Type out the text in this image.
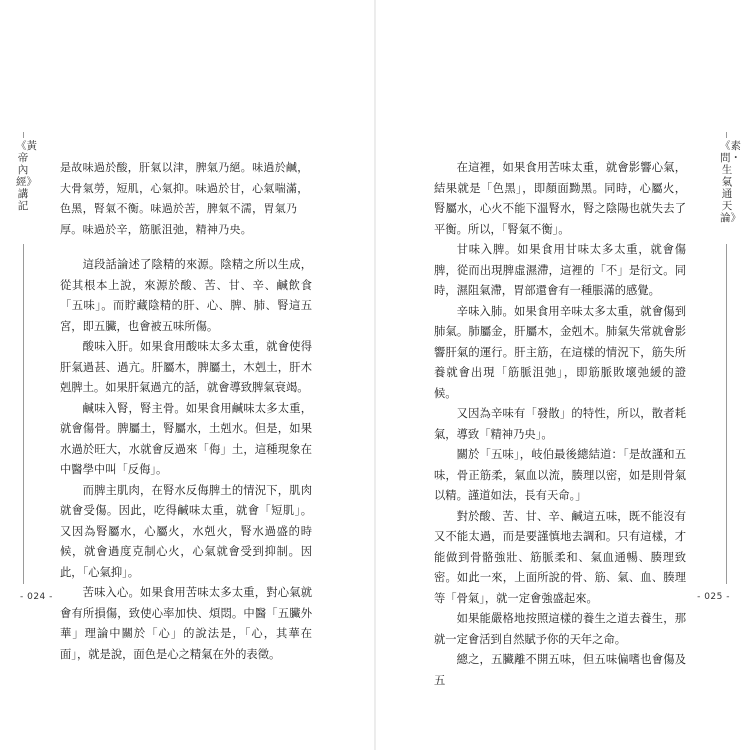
《黃帝內經》講記

是故味過於酸，肝氣以津，脾氣乃絕。味過於鹹，大骨氣勞，短肌，心氣抑。味過於甘，心氣喘滿，色黑，腎氣不衡。味過於苦，脾氣不濡，胃氣乃厚。味過於辛，筋脈沮弛，精神乃央。

這段話論述了陰精的來源。陰精之所以生成，從其根本上說，來源於酸、苦、甘、辛、鹹飲食「五味」。而貯藏陰精的肝、心、脾、肺、腎這五宮，即五臟，也會被五味所傷。

酸味入肝。如果食用酸味太多太重，就會使得肝氣過甚、過亢。肝屬木，脾屬土，木剋土，肝木剋脾土。如果肝氣過亢的話，就會導致脾氣衰竭。

鹹味入腎，腎主骨。如果食用鹹味太多太重，就會傷骨。脾屬土，腎屬水，土剋水。但是，如果水過於旺大，水就會反過來「侮」土，這種現象在中醫學中叫「反侮」。

而脾主肌肉，在腎水反侮脾土的情況下，肌肉就會受傷。因此，吃得鹹味太重，就會「短肌」。又因為腎屬水，心屬火，水剋火，腎水過盛的時候，就會過度克制心火，心氣就會受到抑制。因此，「心氣抑」。

苦味入心。如果食用苦味太多太重，對心氣就會有所損傷，致使心率加快、煩悶。中醫「五臟外華」理論中關於「心」的說法是，「心，其華在面」，就是說，面色是心之精氣在外的表徵。

- 024 -

在這裡，如果食用苦味太重，就會影響心氣，結果就是「色黑」，即顏面黝黑。同時，心屬火，腎屬水，心火不能下溫腎水，腎之陰陽也就失去了平衡。所以，「腎氣不衡」。

甘味入脾。如果食用甘味太多太重，就會傷脾，從而出現脾虛濕滯，這裡的「不」是衍文。同時，濕阻氣滯，胃部還會有一種脹滿的感覺。

辛味入肺。如果食用辛味太多太重，就會傷到肺氣。肺屬金，肝屬木，金剋木。肺氣失常就會影響肝氣的運行。肝主筋，在這樣的情況下，筋失所養就會出現「筋脈沮弛」，即筋脈敗壞弛緩的證候。

又因為辛味有「發散」的特性，所以，散者耗氣，導致「精神乃央」。

關於「五味」，岐伯最後總結道：「是故謹和五味，骨正筋柔，氣血以流，腠理以密，如是則骨氣以精。謹道如法，長有天命。」

對於酸、苦、甘、辛、鹹這五味，既不能沒有又不能太過，而是要謹慎地去調和。只有這樣，才能做到骨骼強壯、筋脈柔和、氣血通暢、腠理致密。如此一來，上面所說的骨、筋、氣、血、腠理等「骨氣」，就一定會強盛起來。

如果能嚴格地按照這樣的養生之道去養生，那就一定會活到自然賦予你的天年之命。

總之，五臟離不開五味，但五味偏嗜也會傷及五

《素問・生氣通天論》
- 025 -
